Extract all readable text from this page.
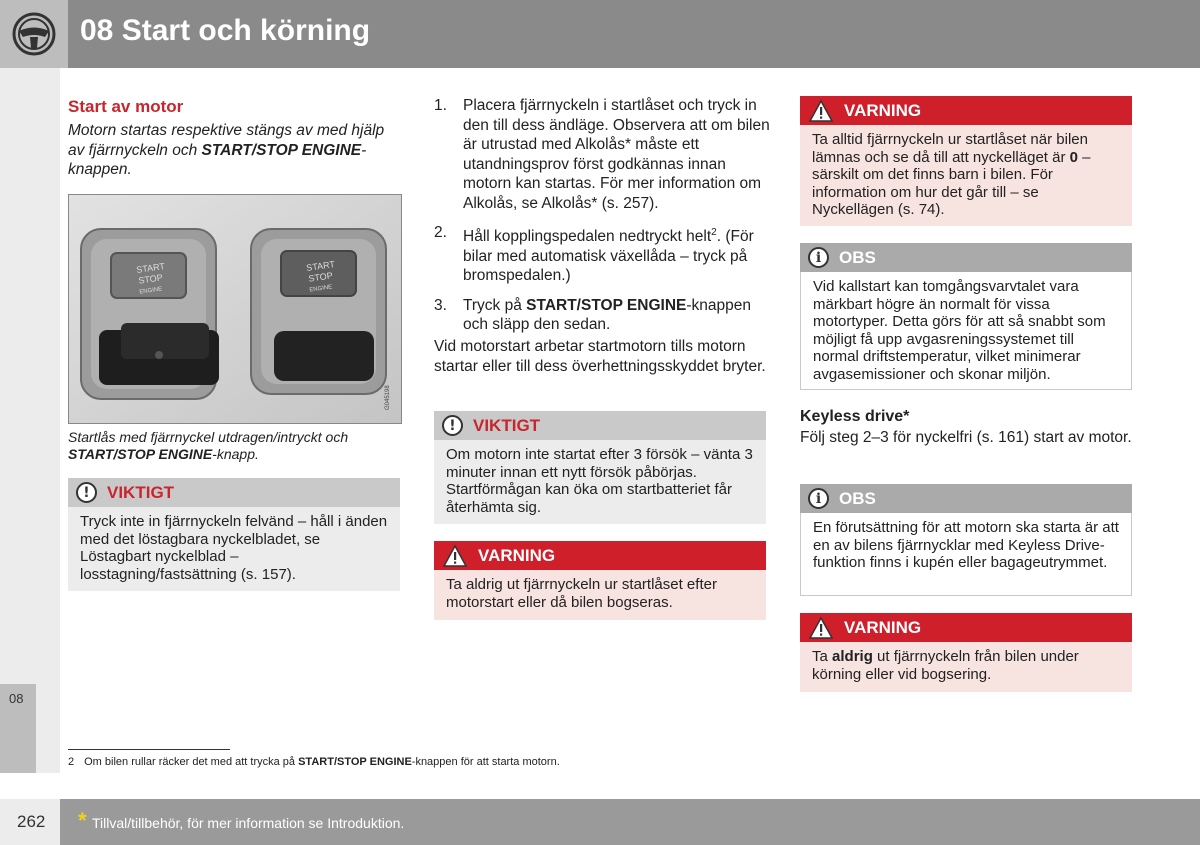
08 Start och körning
08
Start av motor
Motorn startas respektive stängs av med hjälp av fjärrnyckeln och START/STOP ENGINE-knappen.
START
STOP
ENGINE
START
STOP
ENGINE
G045198
Startlås med fjärrnyckel utdragen/intryckt och START/STOP ENGINE-knapp.
!	VIKTIGT
Tryck inte in fjärrnyckeln felvänd – håll i änden med det löstagbara nyckelbladet, se Löstagbart nyckelblad – losstagning/fastsättning (s. 157).
1. Placera fjärrnyckeln i startlåset och tryck in den till dess ändläge. Observera att om bilen är utrustad med Alkolås* måste ett utandningsprov först godkännas innan motorn kan startas. För mer information om Alkolås, se Alkolås* (s. 257).
2. Håll kopplingspedalen nedtryckt helt$^2$. (För bilar med automatisk växellåda – tryck på bromspedalen.)
3. Tryck på START/STOP ENGINE-knappen och släpp den sedan.
Vid motorstart arbetar startmotorn tills motorn startar eller till dess överhettningsskyddet bryter.
!	VIKTIGT
Om motorn inte startat efter 3 försök – vänta 3 minuter innan ett nytt försök påbörjas. Startförmågan kan öka om startbatteriet får återhämta sig.
VARNING
Ta aldrig ut fjärrnyckeln ur startlåset efter motorstart eller då bilen bogseras.
VARNING
Ta alltid fjärrnyckeln ur startlåset när bilen lämnas och se då till att nyckelläget är 0 – särskilt om det finns barn i bilen. För information om hur det går till – se Nyckellägen (s. 74).
i	OBS
Vid kallstart kan tomgångsvarvtalet vara märkbart högre än normalt för vissa motortyper. Detta görs för att så snabbt som möjligt få upp avgasreningssystemet till normal driftstemperatur, vilket minimerar avgasemissioner och skonar miljön.
Keyless drive*
Följ steg 2–3 för nyckelfri (s. 161) start av motor.
i	OBS
En förutsättning för att motorn ska starta är att en av bilens fjärrnycklar med Keyless Drive-funktion finns i kupén eller bagageutrymmet.
VARNING
Ta aldrig ut fjärrnyckeln från bilen under körning eller vid bogsering.
2 Om bilen rullar räcker det med att trycka på START/STOP ENGINE-knappen för att starta motorn.
262 * Tillval/tillbehör, för mer information se Introduktion.
